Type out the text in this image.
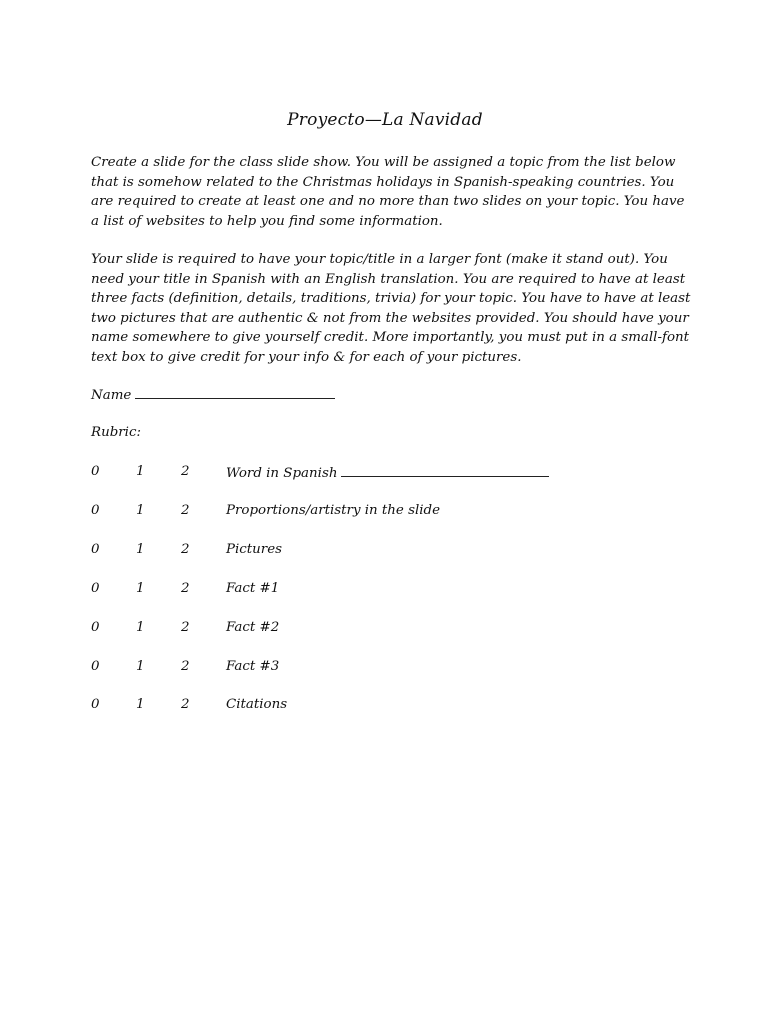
Proyecto—La Navidad

Create a slide for the class slide show. You will be assigned a topic from the list below that is somehow related to the Christmas holidays in Spanish-speaking countries. You are required to create at least one and no more than two slides on your topic. You have a list of websites to help you find some information.

Your slide is required to have your topic/title in a larger font (make it stand out). You need your title in Spanish with an English translation. You are required to have at least three facts (definition, details, traditions, trivia) for your topic. You have to have at least two pictures that are authentic & not from the websites provided. You should have your name somewhere to give yourself credit. More importantly, you must put in a small-font text box to give credit for your info & for each of your pictures.

Name
Rubric:
0	1	2	Word in Spanish
0	1	2	Proportions/artistry in the slide
0	1	2	Pictures
0	1	2	Fact #1
0	1	2	Fact #2
0	1	2	Fact #3
0	1	2	Citations
